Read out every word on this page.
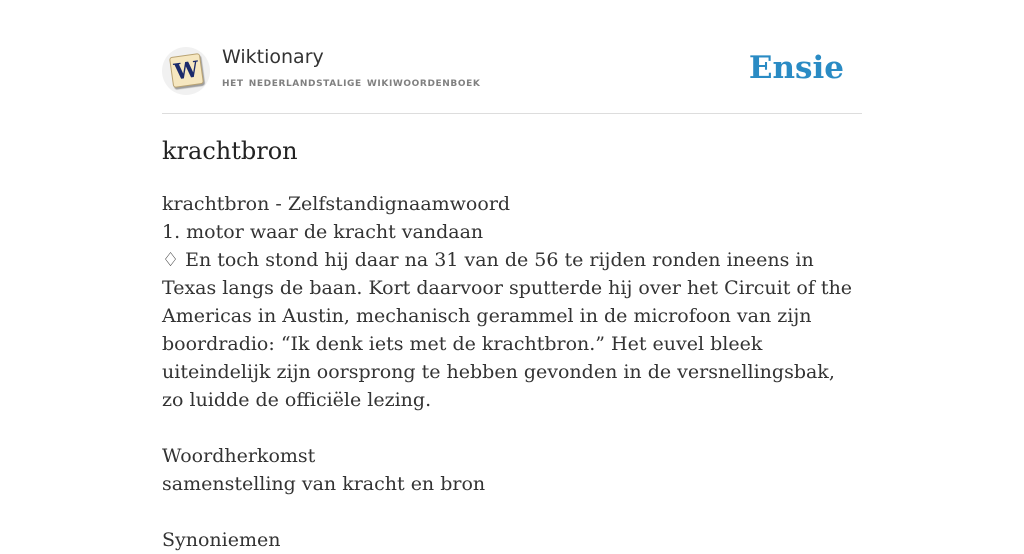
W Wiktionary
het nederlandstalige wikiwoordenboek	Ensie
krachtbron
krachtbron - Zelfstandignaamwoord
1. motor waar de kracht vandaan
♢ En toch stond hij daar na 31 van de 56 te rijden ronden ineens in Texas langs de baan. Kort daarvoor sputterde hij over het Circuit of the Americas in Austin, mechanisch gerammel in de microfoon van zijn boordradio: “Ik denk iets met de krachtbron.” Het euvel bleek uiteindelijk zijn oorsprong te hebben gevonden in de versnellingsbak, zo luidde de officiële lezing.
Woordherkomst
samenstelling van kracht en bron
Synoniemen
